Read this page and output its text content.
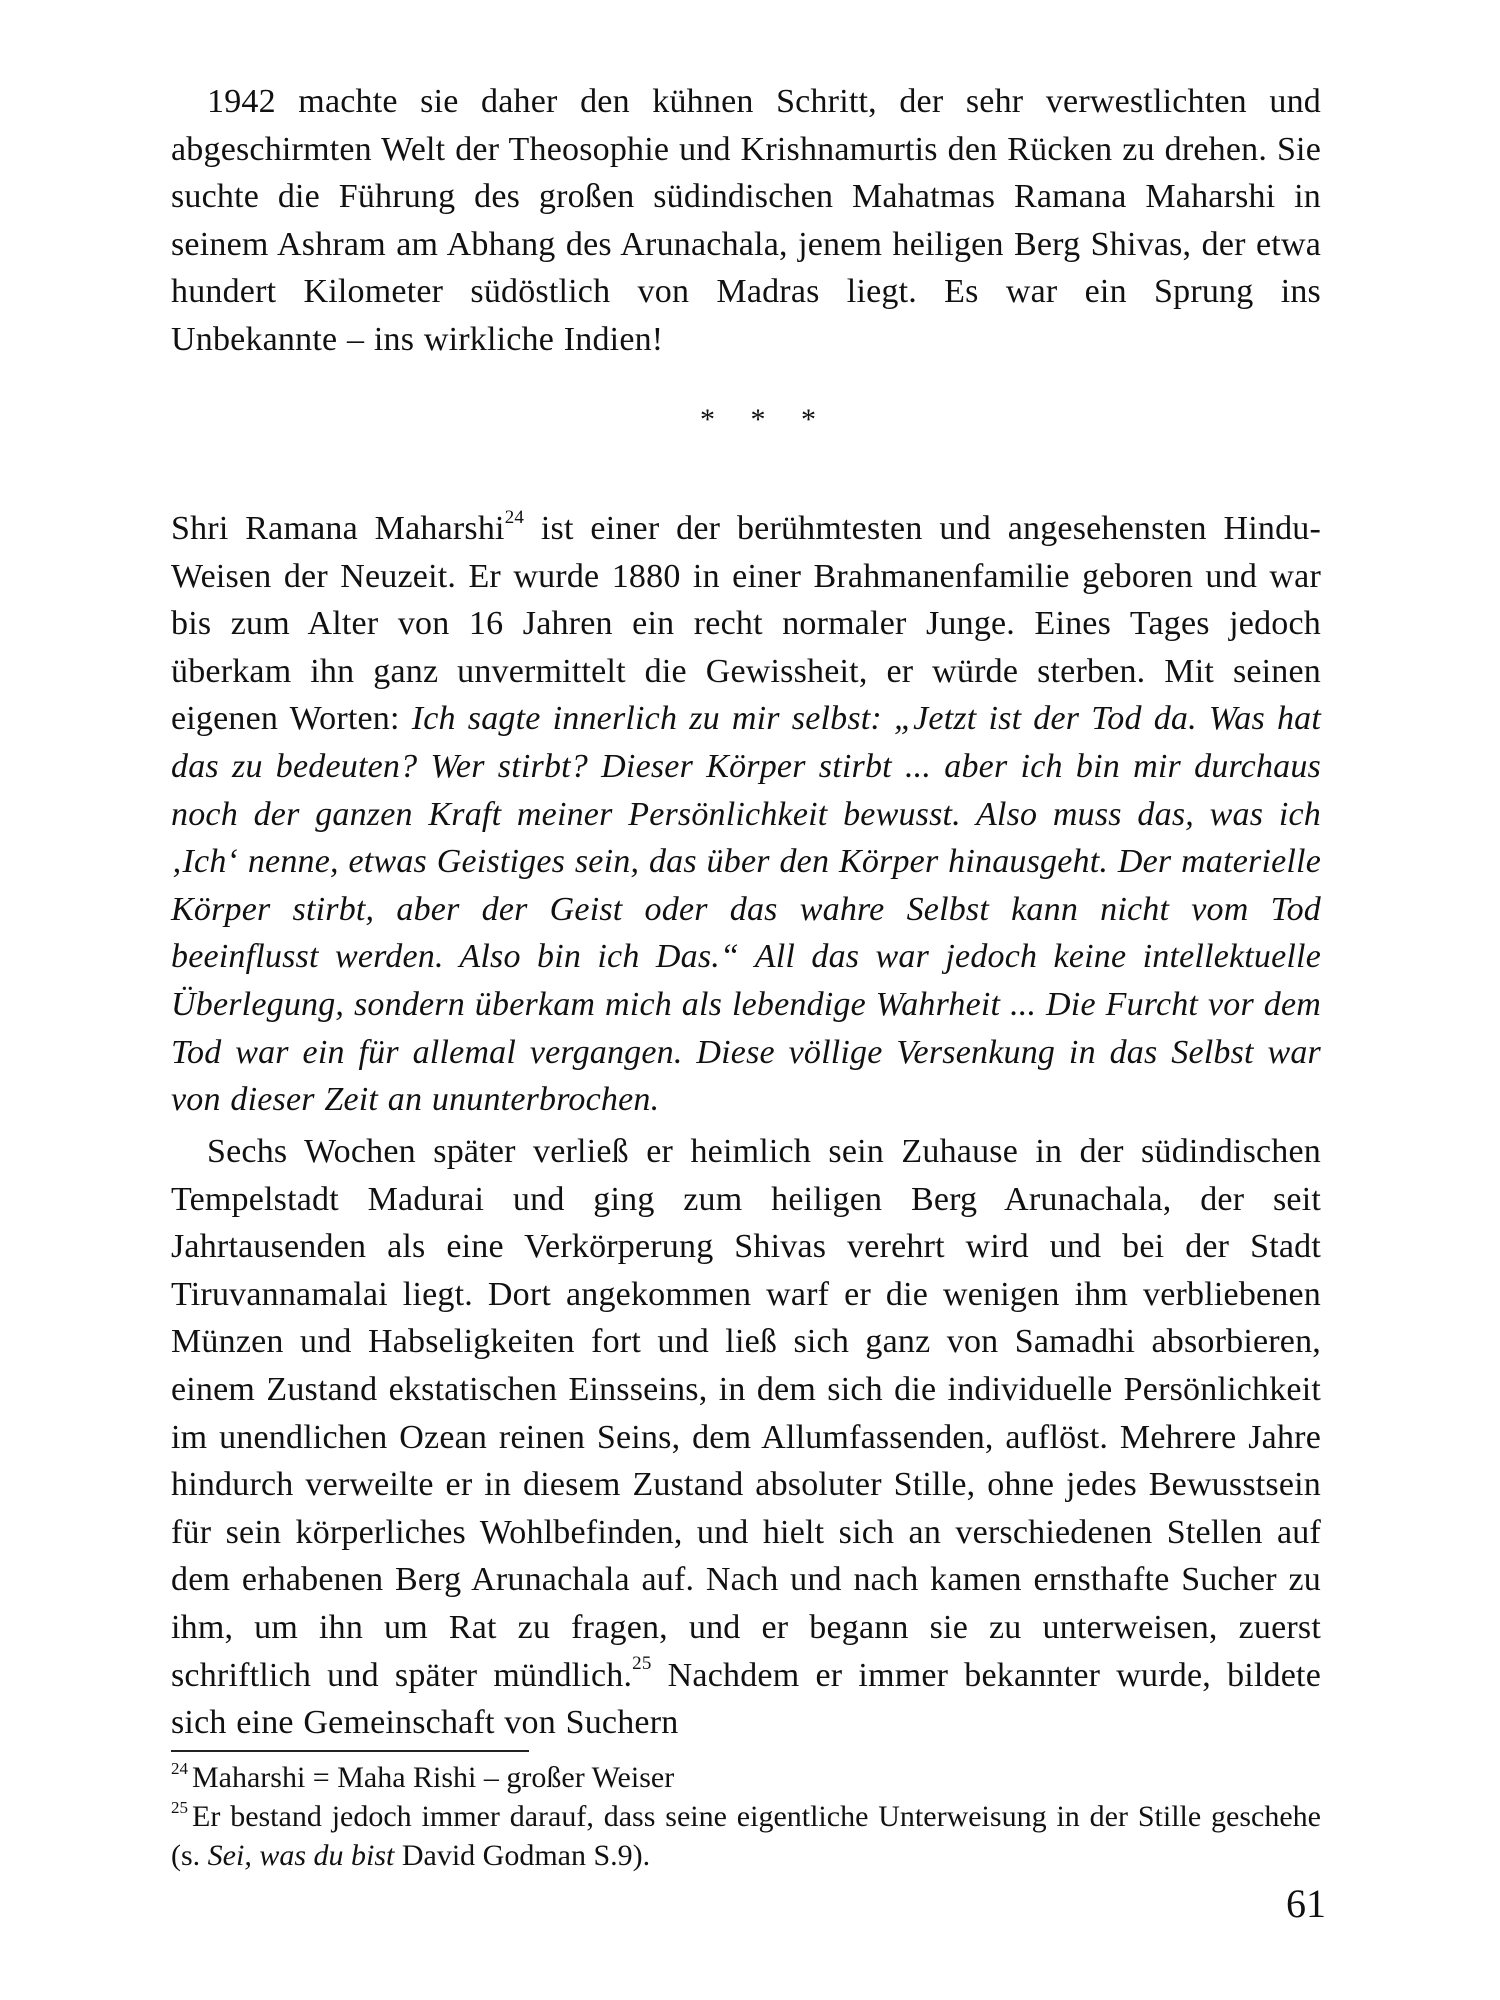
1942 machte sie daher den kühnen Schritt, der sehr verwestlichten und abgeschirmten Welt der Theosophie und Krishnamurtis den Rücken zu drehen. Sie suchte die Führung des großen südindischen Mahatmas Ramana Maharshi in seinem Ashram am Abhang des Arunachala, jenem heiligen Berg Shivas, der etwa hundert Kilometer südöstlich von Madras liegt. Es war ein Sprung ins Unbekannte – ins wirkliche Indien!

* * *

Shri Ramana Maharshi$^{24}$ ist einer der berühmtesten und angesehensten Hindu-Weisen der Neuzeit. Er wurde 1880 in einer Brahmanenfamilie geboren und war bis zum Alter von 16 Jahren ein recht normaler Junge. Eines Tages jedoch überkam ihn ganz unvermittelt die Gewissheit, er würde sterben. Mit seinen eigenen Worten: Ich sagte innerlich zu mir selbst: „Jetzt ist der Tod da. Was hat das zu bedeuten? Wer stirbt? Dieser Körper stirbt ... aber ich bin mir durchaus noch der ganzen Kraft meiner Persönlichkeit bewusst. Also muss das, was ich ‚Ich‘ nenne, etwas Geistiges sein, das über den Körper hinausgeht. Der materielle Körper stirbt, aber der Geist oder das wahre Selbst kann nicht vom Tod beeinflusst werden. Also bin ich Das.“ All das war jedoch keine intellektuelle Überlegung, sondern überkam mich als lebendige Wahrheit ... Die Furcht vor dem Tod war ein für allemal vergangen. Diese völlige Versenkung in das Selbst war von dieser Zeit an ununterbrochen.

Sechs Wochen später verließ er heimlich sein Zuhause in der südindischen Tempelstadt Madurai und ging zum heiligen Berg Arunachala, der seit Jahrtausenden als eine Verkörperung Shivas verehrt wird und bei der Stadt Tiruvannamalai liegt. Dort angekommen warf er die wenigen ihm verbliebenen Münzen und Habseligkeiten fort und ließ sich ganz von Samadhi absorbieren, einem Zustand ekstatischen Einsseins, in dem sich die individuelle Persönlichkeit im unendlichen Ozean reinen Seins, dem Allumfassenden, auflöst. Mehrere Jahre hindurch verweilte er in diesem Zustand absoluter Stille, ohne jedes Bewusstsein für sein körperliches Wohlbefinden, und hielt sich an verschiedenen Stellen auf dem erhabenen Berg Arunachala auf. Nach und nach kamen ernsthafte Sucher zu ihm, um ihn um Rat zu fragen, und er begann sie zu unterweisen, zuerst schriftlich und später mündlich.$^{25}$ Nachdem er immer bekannter wurde, bildete sich eine Gemeinschaft von Suchern

$^{24}$ Maharshi = Maha Rishi – großer Weiser

$^{25}$ Er bestand jedoch immer darauf, dass seine eigentliche Unterweisung in der Stille geschehe (s. Sei, was du bist David Godman S.9).

61
